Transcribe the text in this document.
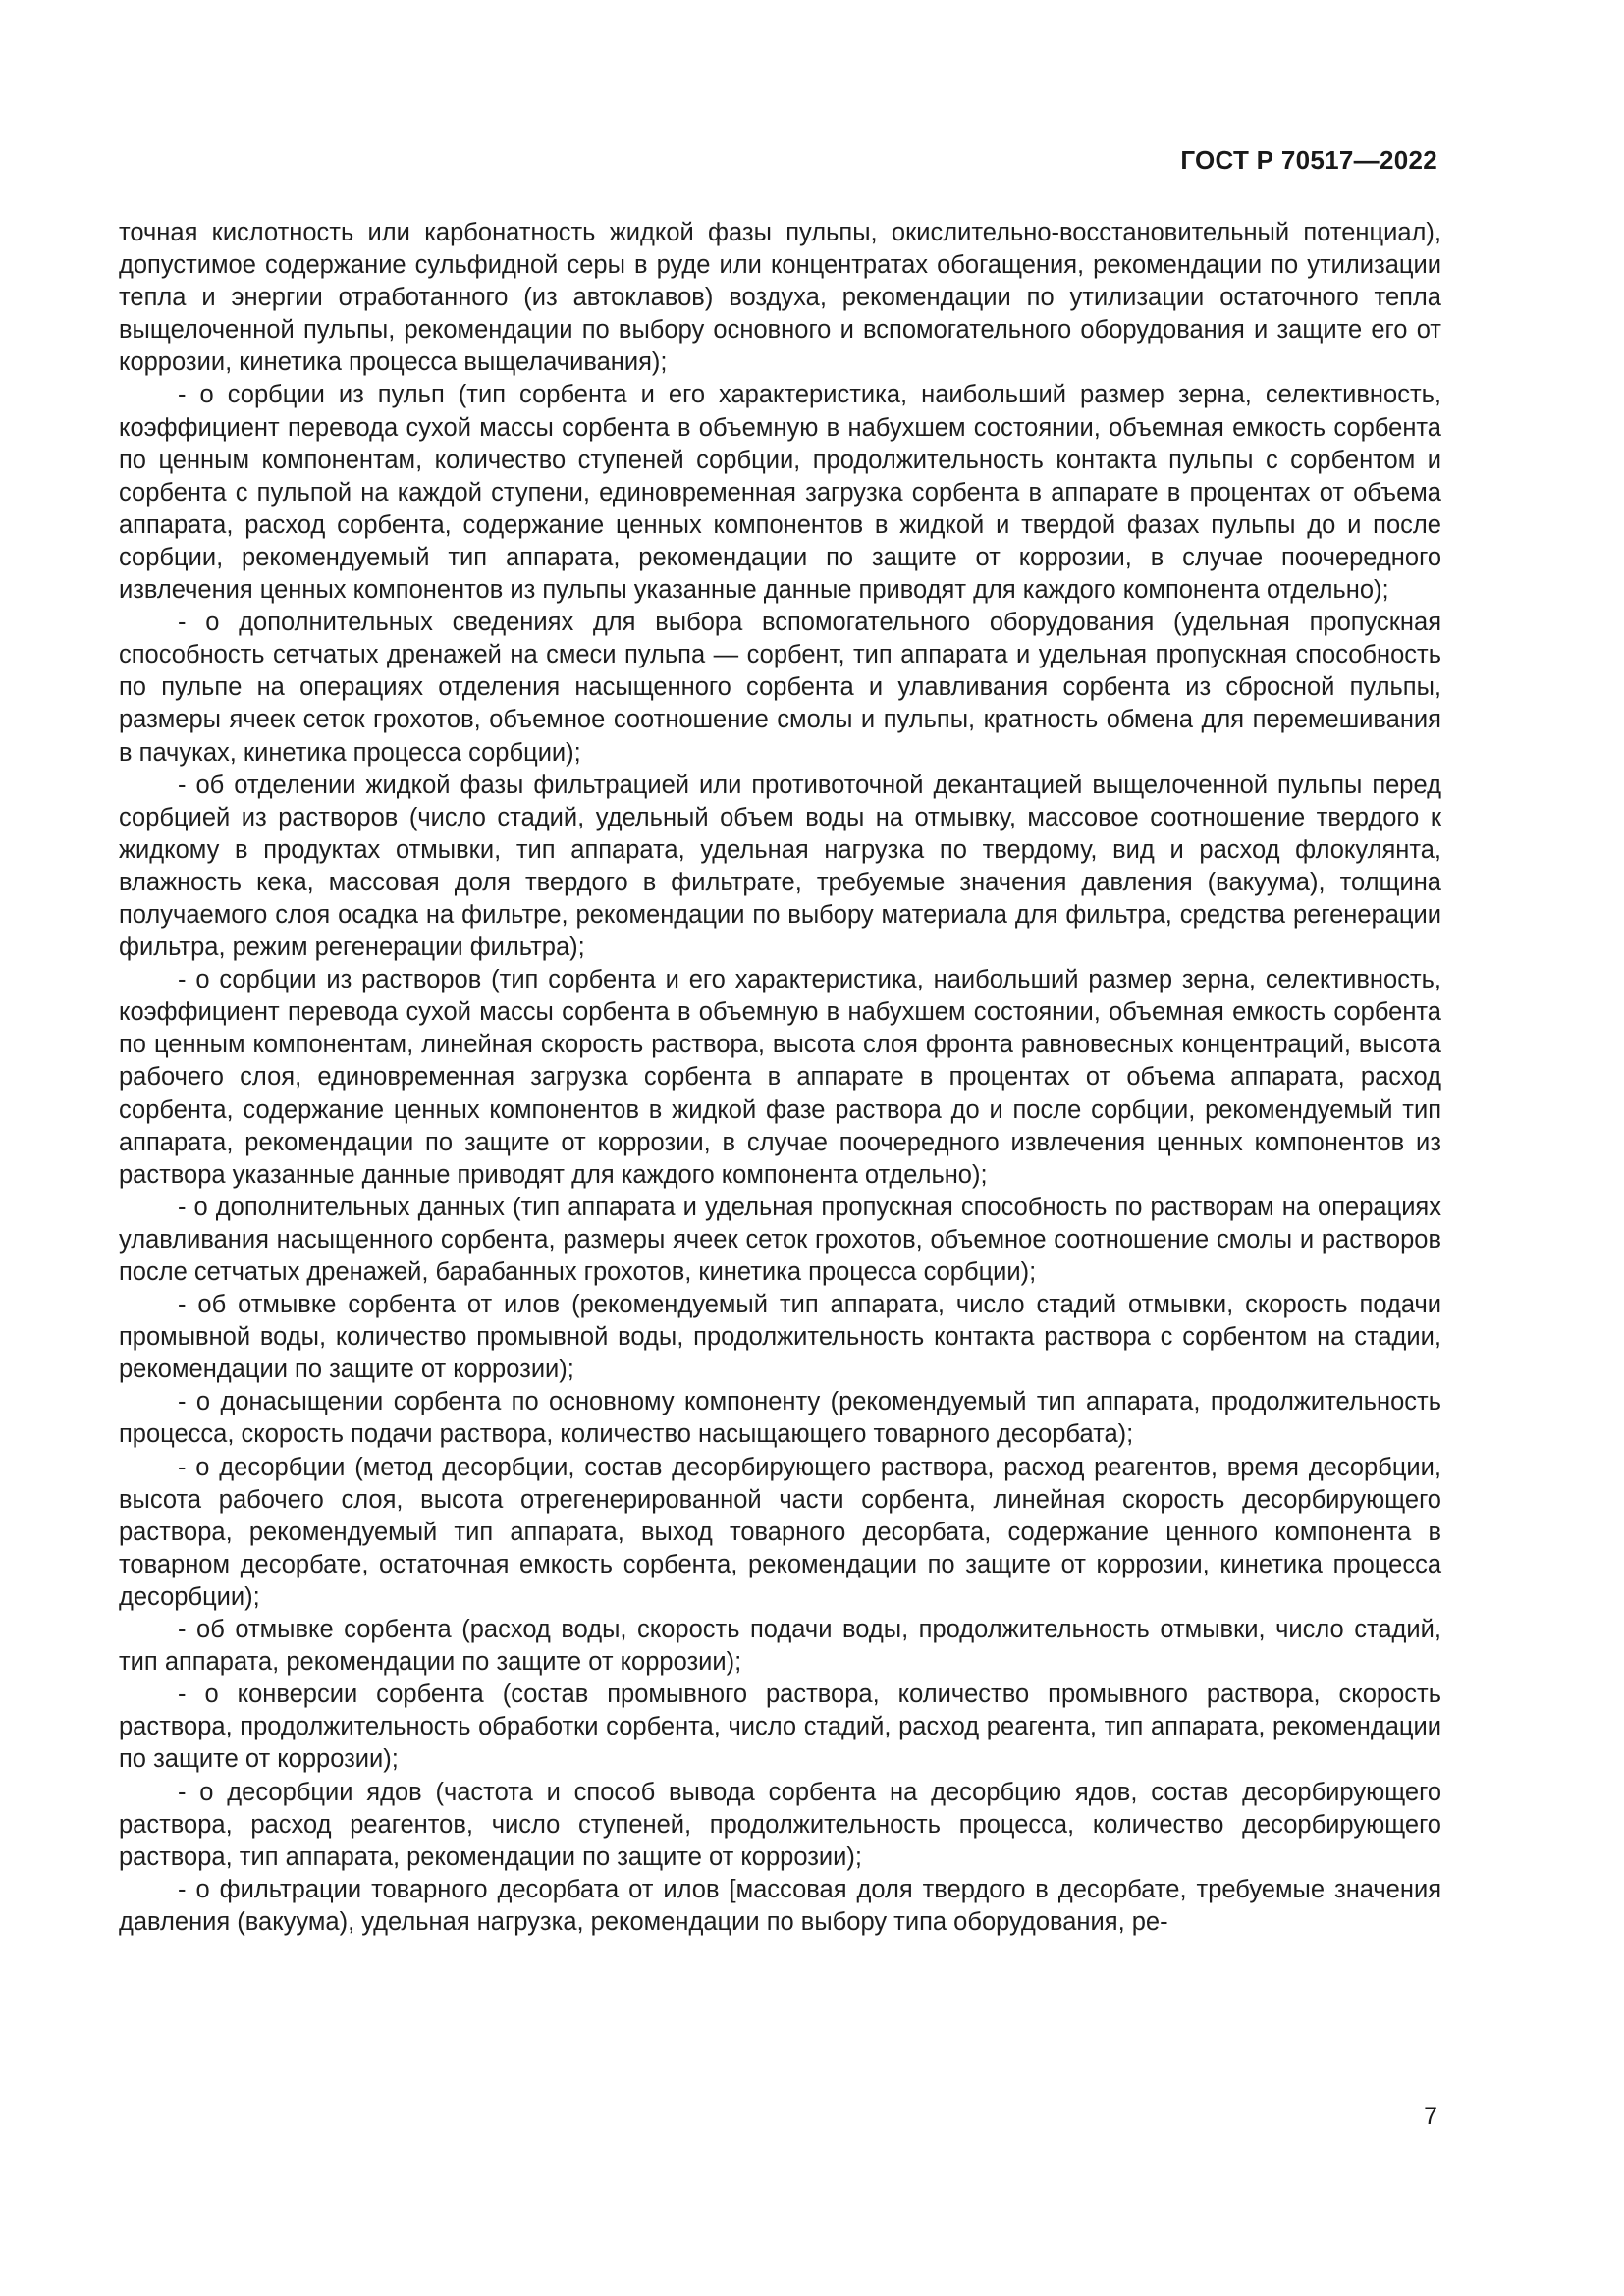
ГОСТ Р 70517—2022

точная кислотность или карбонатность жидкой фазы пульпы, окислительно-восстановительный потенциал), допустимое содержание сульфидной серы в руде или концентратах обогащения, рекомендации по утилизации тепла и энергии отработанного (из автоклавов) воздуха, рекомендации по утилизации остаточного тепла выщелоченной пульпы, рекомендации по выбору основного и вспомогательного оборудования и защите его от коррозии, кинетика процесса выщелачивания);

- о сорбции из пульп (тип сорбента и его характеристика, наибольший размер зерна, селективность, коэффициент перевода сухой массы сорбента в объемную в набухшем состоянии, объемная емкость сорбента по ценным компонентам, количество ступеней сорбции, продолжительность контакта пульпы с сорбентом и сорбента с пульпой на каждой ступени, единовременная загрузка сорбента в аппарате в процентах от объема аппарата, расход сорбента, содержание ценных компонентов в жидкой и твердой фазах пульпы до и после сорбции, рекомендуемый тип аппарата, рекомендации по защите от коррозии, в случае поочередного извлечения ценных компонентов из пульпы указанные данные приводят для каждого компонента отдельно);

- о дополнительных сведениях для выбора вспомогательного оборудования (удельная пропускная способность сетчатых дренажей на смеси пульпа — сорбент, тип аппарата и удельная пропускная способность по пульпе на операциях отделения насыщенного сорбента и улавливания сорбента из сбросной пульпы, размеры ячеек сеток грохотов, объемное соотношение смолы и пульпы, кратность обмена для перемешивания в пачуках, кинетика процесса сорбции);

- об отделении жидкой фазы фильтрацией или противоточной декантацией выщелоченной пульпы перед сорбцией из растворов (число стадий, удельный объем воды на отмывку, массовое соотношение твердого к жидкому в продуктах отмывки, тип аппарата, удельная нагрузка по твердому, вид и расход флокулянта, влажность кека, массовая доля твердого в фильтрате, требуемые значения давления (вакуума), толщина получаемого слоя осадка на фильтре, рекомендации по выбору материала для фильтра, средства регенерации фильтра, режим регенерации фильтра);

- о сорбции из растворов (тип сорбента и его характеристика, наибольший размер зерна, селективность, коэффициент перевода сухой массы сорбента в объемную в набухшем состоянии, объемная емкость сорбента по ценным компонентам, линейная скорость раствора, высота слоя фронта равновесных концентраций, высота рабочего слоя, единовременная загрузка сорбента в аппарате в процентах от объема аппарата, расход сорбента, содержание ценных компонентов в жидкой фазе раствора до и после сорбции, рекомендуемый тип аппарата, рекомендации по защите от коррозии, в случае поочередного извлечения ценных компонентов из раствора указанные данные приводят для каждого компонента отдельно);

- о дополнительных данных (тип аппарата и удельная пропускная способность по растворам на операциях улавливания насыщенного сорбента, размеры ячеек сеток грохотов, объемное соотношение смолы и растворов после сетчатых дренажей, барабанных грохотов, кинетика процесса сорбции);

- об отмывке сорбента от илов (рекомендуемый тип аппарата, число стадий отмывки, скорость подачи промывной воды, количество промывной воды, продолжительность контакта раствора с сорбентом на стадии, рекомендации по защите от коррозии);

- о донасыщении сорбента по основному компоненту (рекомендуемый тип аппарата, продолжительность процесса, скорость подачи раствора, количество насыщающего товарного десорбата);

- о десорбции (метод десорбции, состав десорбирующего раствора, расход реагентов, время десорбции, высота рабочего слоя, высота отрегенерированной части сорбента, линейная скорость десорбирующего раствора, рекомендуемый тип аппарата, выход товарного десорбата, содержание ценного компонента в товарном десорбате, остаточная емкость сорбента, рекомендации по защите от коррозии, кинетика процесса десорбции);

- об отмывке сорбента (расход воды, скорость подачи воды, продолжительность отмывки, число стадий, тип аппарата, рекомендации по защите от коррозии);

- о конверсии сорбента (состав промывного раствора, количество промывного раствора, скорость раствора, продолжительность обработки сорбента, число стадий, расход реагента, тип аппарата, рекомендации по защите от коррозии);

- о десорбции ядов (частота и способ вывода сорбента на десорбцию ядов, состав десорбирующего раствора, расход реагентов, число ступеней, продолжительность процесса, количество десорбирующего раствора, тип аппарата, рекомендации по защите от коррозии);

- о фильтрации товарного десорбата от илов [массовая доля твердого в десорбате, требуемые значения давления (вакуума), удельная нагрузка, рекомендации по выбору типа оборудования, ре-

7
